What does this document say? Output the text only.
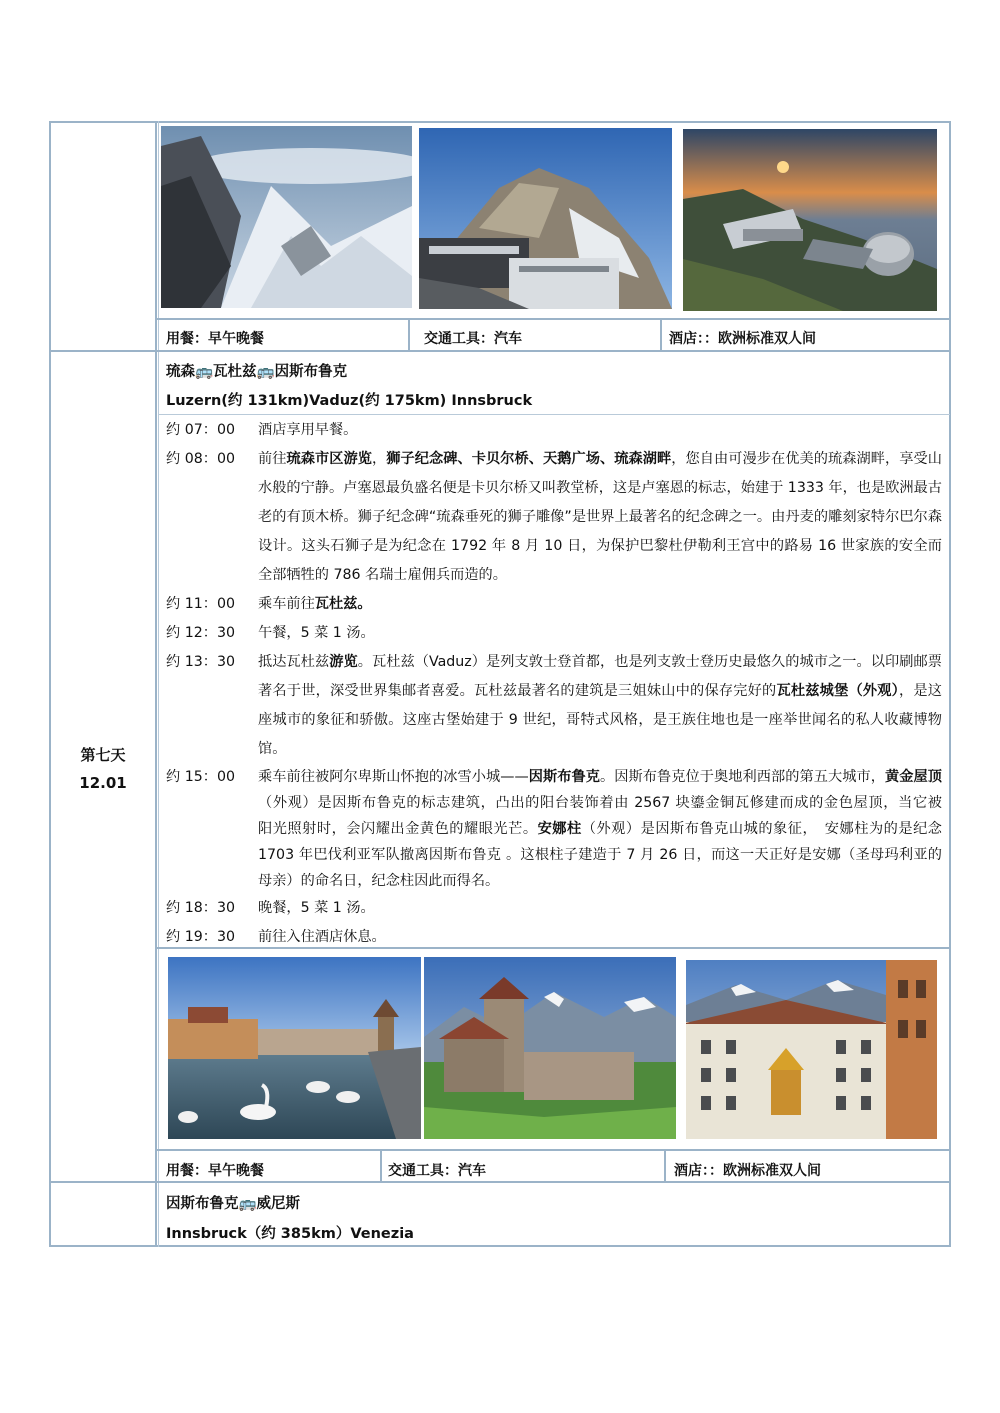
用餐：早午晚餐	交通工具：汽车	酒店：：欧洲标准双人间
琉森🚌瓦杜兹🚌因斯布鲁克
Luzern(约 131km)Vaduz(约 175km) Innsbruck
第七天
12.01
约 07：00	酒店享用早餐。
约 08：00	前往琉森市区游览，狮子纪念碑、卡贝尔桥、天鹅广场、琉森湖畔，您自由可漫步在优美的琉森湖畔，享受山水般的宁静。卢塞恩最负盛名便是卡贝尔桥又叫教堂桥，这是卢塞恩的标志，始建于 1333 年，也是欧洲最古老的有顶木桥。狮子纪念碑“琉森垂死的狮子雕像”是世界上最著名的纪念碑之一。由丹麦的雕刻家特尔巴尔森设计。这头石狮子是为纪念在 1792 年 8 月 10 日，为保护巴黎杜伊勒利王宫中的路易 16 世家族的安全而全部牺牲的 786 名瑞士雇佣兵而造的。
约 11：00	乘车前往瓦杜兹。
约 12：30	午餐，5 菜 1 汤。
约 13：30	抵达瓦杜兹游览。瓦杜兹（Vaduz）是列支敦士登首都，也是列支敦士登历史最悠久的城市之一。以印刷邮票著名于世，深受世界集邮者喜爱。瓦杜兹最著名的建筑是三姐妹山中的保存完好的瓦杜兹城堡（外观），是这座城市的象征和骄傲。这座古堡始建于 9 世纪，哥特式风格，是王族住地也是一座举世闻名的私人收藏博物馆。
约 15：00	乘车前往被阿尔卑斯山怀抱的冰雪小城——因斯布鲁克。因斯布鲁克位于奥地利西部的第五大城市，黄金屋顶（外观）是因斯布鲁克的标志建筑，凸出的阳台装饰着由 2567 块鎏金铜瓦修建而成的金色屋顶，当它被　 阳光照射时，会闪耀出金黄色的耀眼光芒。安娜柱（外观）是因斯布鲁克山城的象征，　安娜柱为的是纪念 1703 年巴伐利亚军队撤离因斯布鲁克 。这根柱子建造于 7 月 26 日，而这一天正好是安娜（圣母玛利亚的母亲）的命名日，纪念柱因此而得名。
约 18：30	晚餐，5 菜 1 汤。
约 19：30	前往入住酒店休息。
用餐：早午晚餐	交通工具：汽车	酒店：：欧洲标准双人间
因斯布鲁克🚌威尼斯
Innsbruck（约 385km）Venezia
